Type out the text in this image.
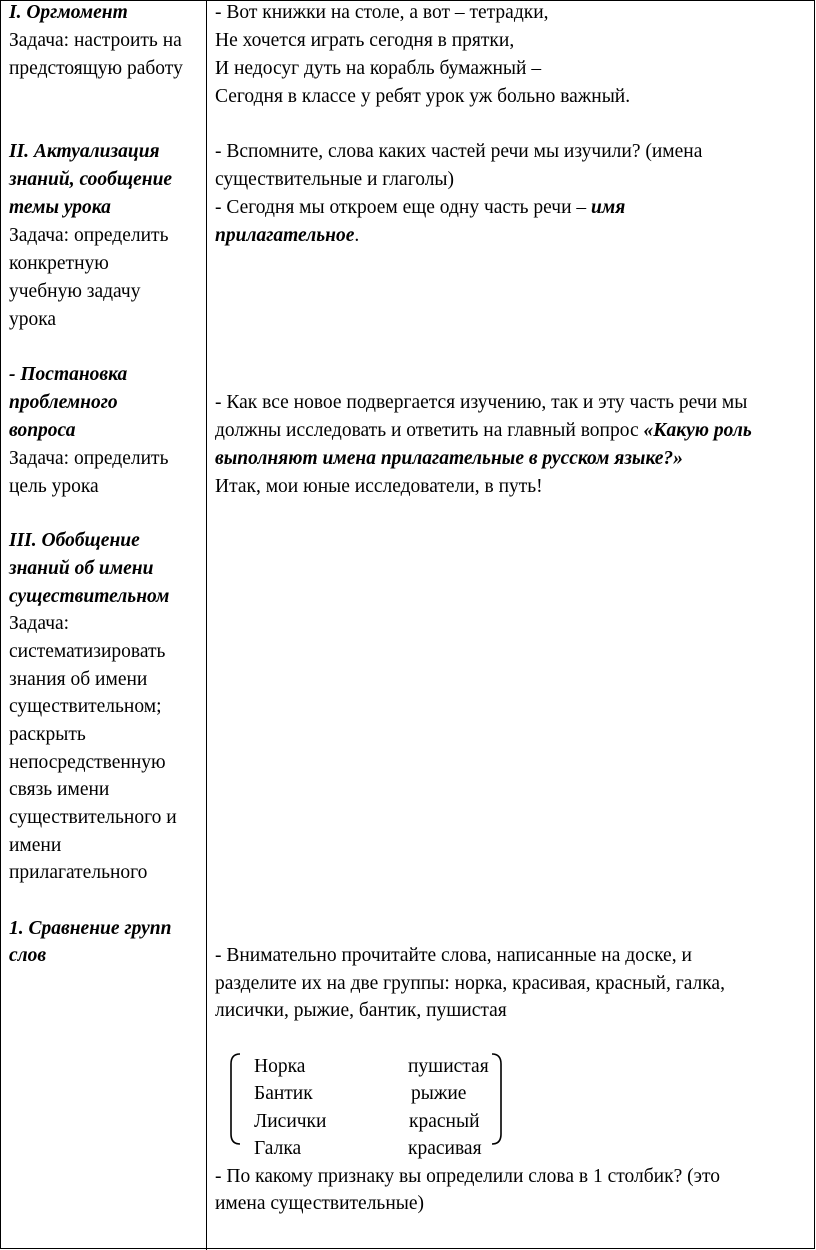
I. Оргмомент
Задача: настроить на
предстоящую работу
II. Актуализация
знаний, сообщение
темы урока
Задача: определить
конкретную
учебную задачу
урока
- Постановка
проблемного
вопроса
Задача: определить
цель урока
III. Обобщение
знаний об имени
существительном
Задача:
систематизировать
знания об имени
существительном;
раскрыть
непосредственную
связь имени
существительного и
имени
прилагательного
1. Сравнение групп
слов
- Вот книжки на столе, а вот – тетрадки,
Не хочется играть сегодня в прятки,
И недосуг дуть на корабль бумажный –
Сегодня в классе у ребят урок уж больно важный.
- Вспомните, слова каких частей речи мы изучили? (имена
существительные и глаголы)
- Сегодня мы откроем еще одну часть речи – имя
прилагательное.
- Как все новое подвергается изучению, так и эту часть речи мы
должны исследовать и ответить на главный вопрос «Какую роль
выполняют имена прилагательные в русском языке?»
Итак, мои юные исследователи, в путь!
- Внимательно прочитайте слова, написанные на доске, и
разделите их на две группы: норка, красивая, красный, галка,
лисички, рыжие, бантик, пушистая
Норка
Бантик
Лисички
Галка
пушистая
рыжие
красный
красивая
- По какому признаку вы определили слова в 1 столбик? (это
имена существительные)
